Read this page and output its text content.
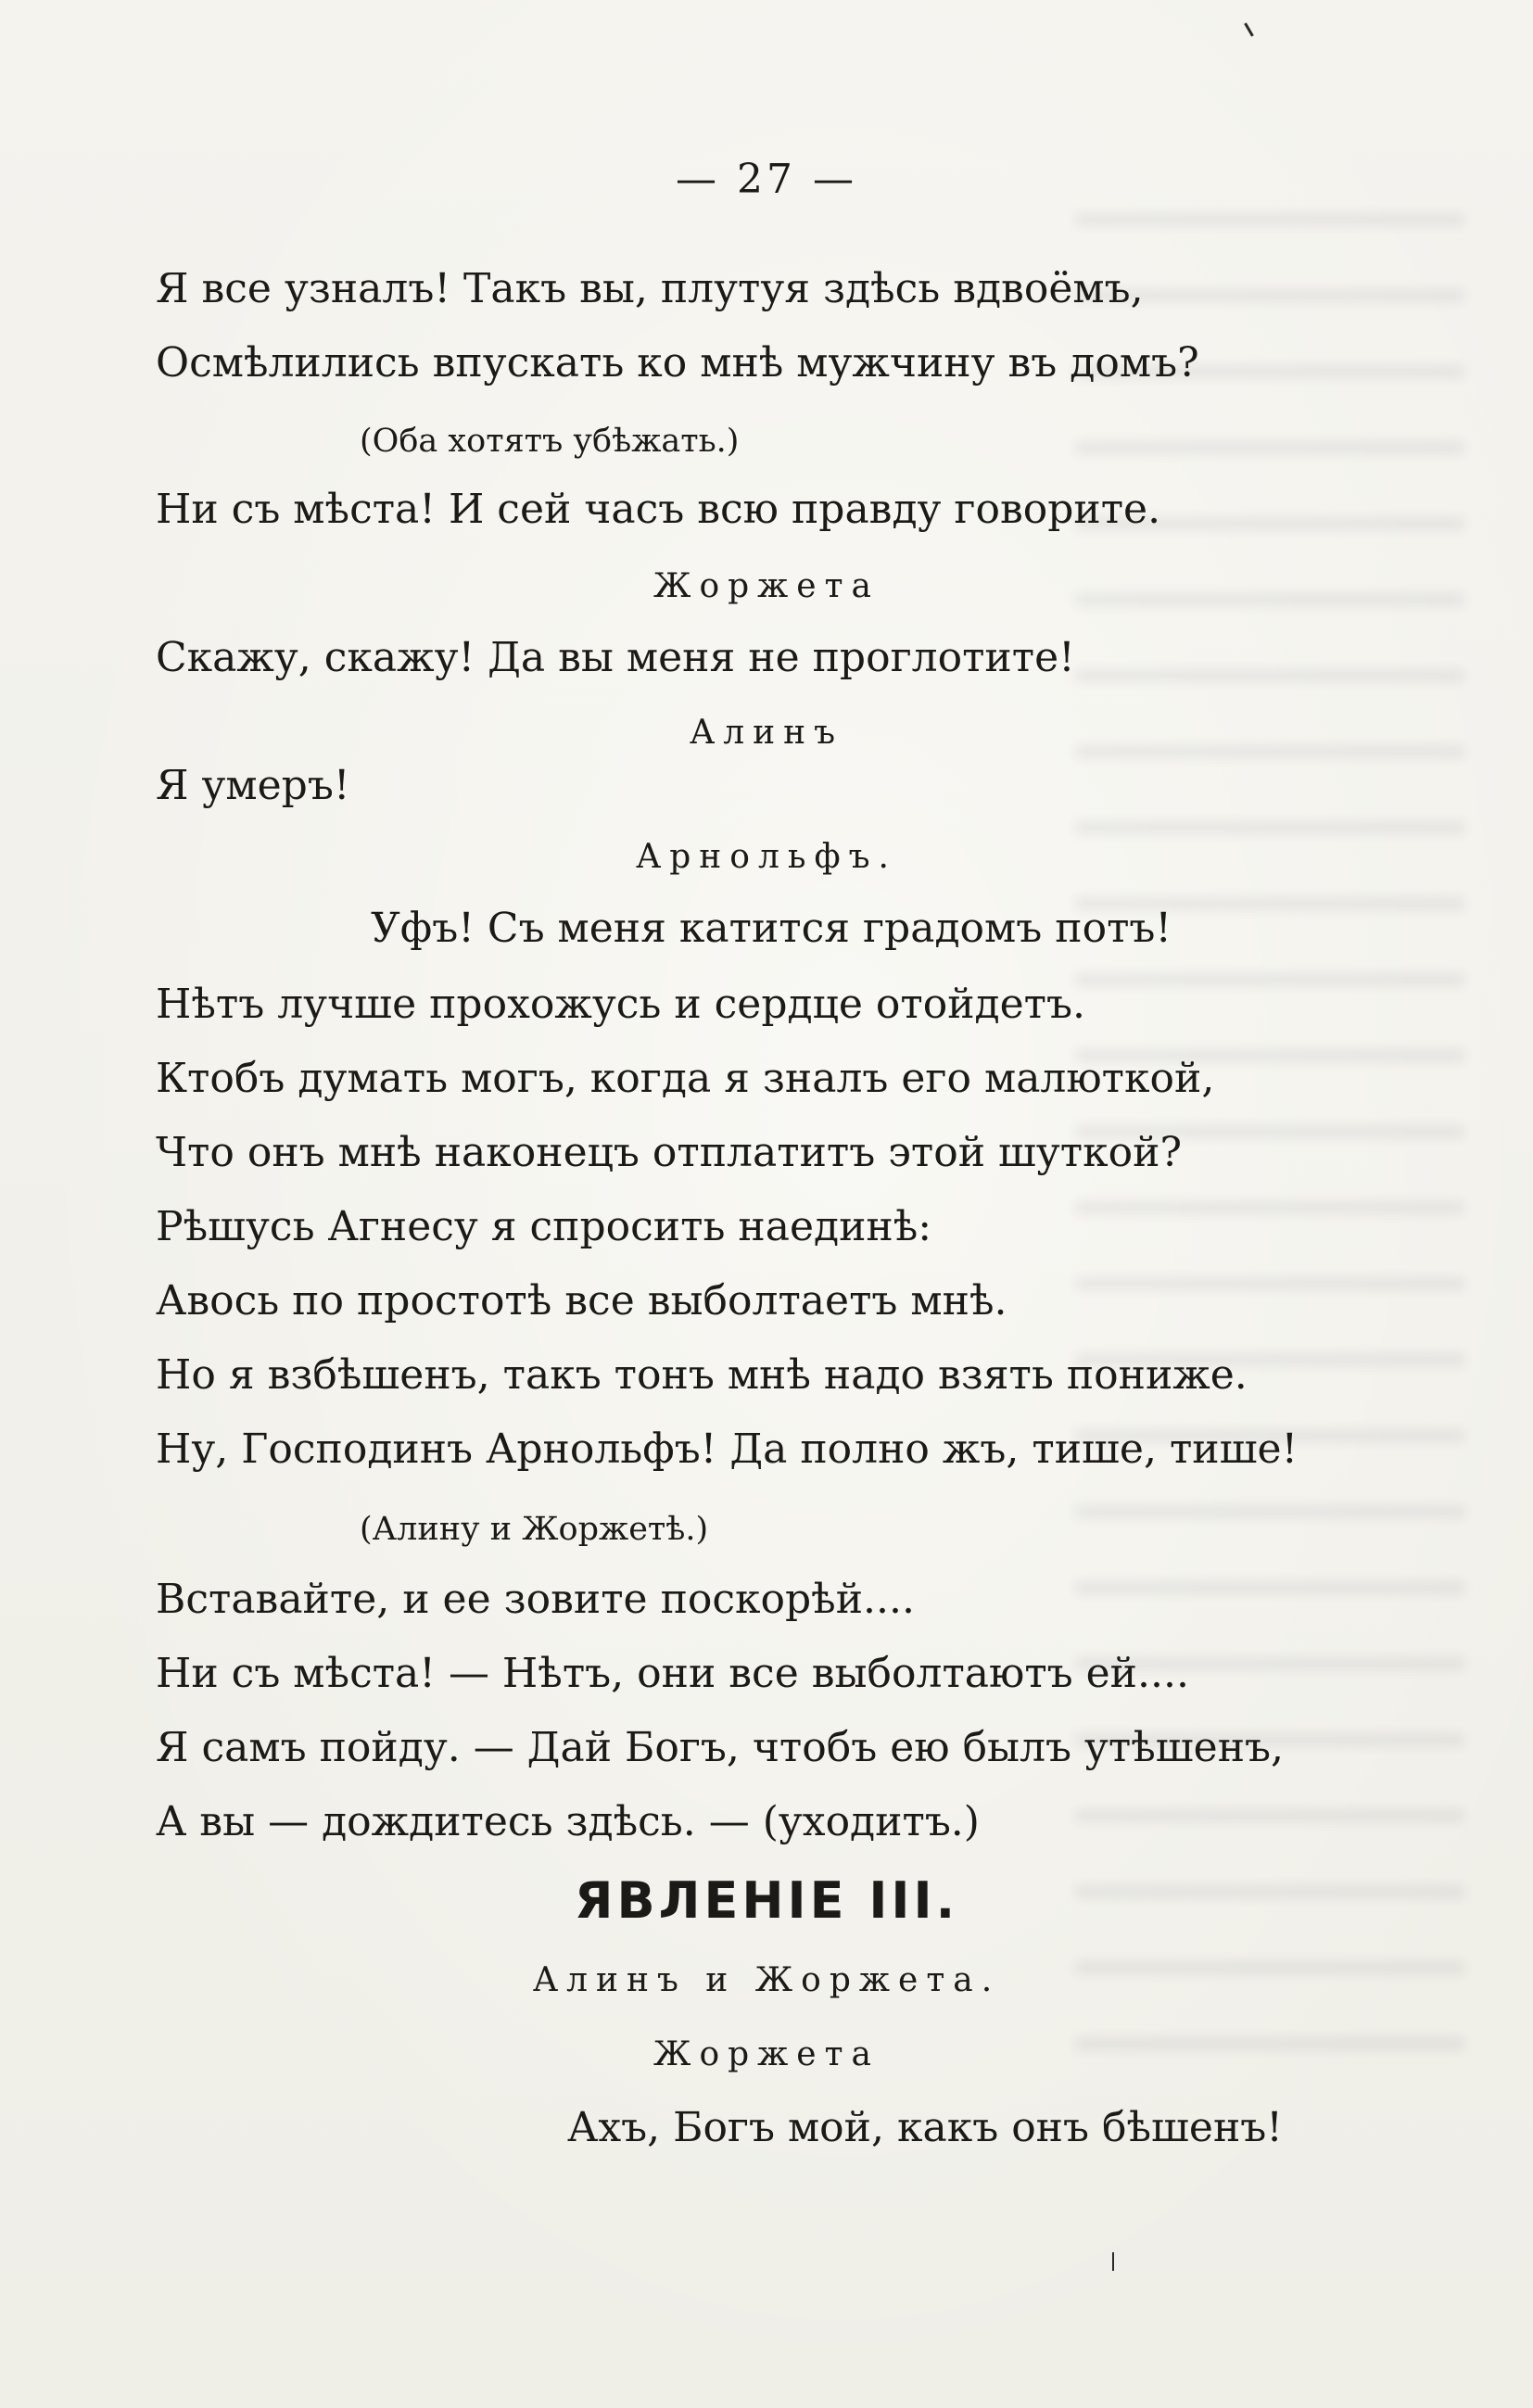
— 27 —
Я все узналъ! Такъ вы, плутуя здѣсь вдвоёмъ,
Осмѣлились впускать ко мнѣ мужчину въ домъ?
(Оба хотятъ убѣжать.)
Ни съ мѣста! И сей часъ всю правду говорите.
Жоржета
Скажу, скажу! Да вы меня не проглотите!
Алинъ
Я умеръ!
Арнольфъ.
Уфъ! Съ меня катится градомъ потъ!
Нѣтъ лучше прохожусь и сердце отойдетъ.
Ктобъ думать могъ, когда я зналъ его малюткой,
Что онъ мнѣ наконецъ отплатитъ этой шуткой?
Рѣшусь Агнесу я спросить наединѣ:
Авось по простотѣ все выболтаетъ мнѣ.
Но я взбѣшенъ, такъ тонъ мнѣ надо взять пониже.
Ну, Господинъ Арнольфъ! Да полно жъ, тише, тише!
(Алину и Жоржетѣ.)
Вставайте, и ее зовите поскорѣй....
Ни съ мѣста! — Нѣтъ, они все выболтаютъ ей....
Я самъ пойду. — Дай Богъ, чтобъ ею былъ утѣшенъ,
А вы — дождитесь здѣсь. — (уходитъ.)
ЯВЛЕНІЕ III.
Алинъ и Жоржета.
Жоржета
Ахъ, Богъ мой, какъ онъ бѣшенъ!
